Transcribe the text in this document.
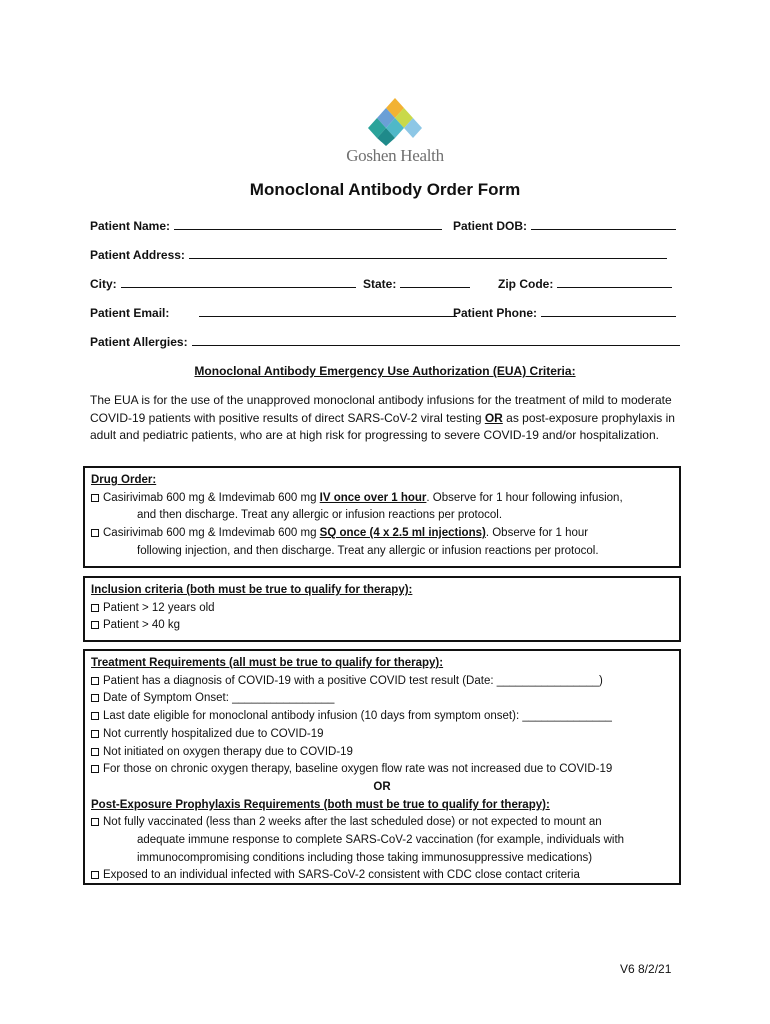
Goshen Health
Monoclonal Antibody Order Form
Patient Name:	Patient DOB:
Patient Address:
City:	State:	Zip Code:
Patient Email:	Patient Phone:
Patient Allergies:
Monoclonal Antibody Emergency Use Authorization (EUA) Criteria:
The EUA is for the use of the unapproved monoclonal antibody infusions for the treatment of mild to moderate COVID-19 patients with positive results of direct SARS-CoV-2 viral testing OR as post-exposure prophylaxis in adult and pediatric patients, who are at high risk for progressing to severe COVID-19 and/or hospitalization.
Drug Order:
Casirivimab 600 mg & Imdevimab 600 mg IV once over 1 hour. Observe for 1 hour following infusion,
and then discharge. Treat any allergic or infusion reactions per protocol.
Casirivimab 600 mg & Imdevimab 600 mg SQ once (4 x 2.5 ml injections). Observe for 1 hour
following injection, and then discharge. Treat any allergic or infusion reactions per protocol.
Inclusion criteria (both must be true to qualify for therapy):
Patient > 12 years old
Patient > 40 kg
Treatment Requirements (all must be true to qualify for therapy):
Patient has a diagnosis of COVID-19 with a positive COVID test result (Date: ________________)
Date of Symptom Onset: ________________
Last date eligible for monoclonal antibody infusion (10 days from symptom onset): ______________
Not currently hospitalized due to COVID-19
Not initiated on oxygen therapy due to COVID-19
For those on chronic oxygen therapy, baseline oxygen flow rate was not increased due to COVID-19
OR
Post-Exposure Prophylaxis Requirements (both must be true to qualify for therapy):
Not fully vaccinated (less than 2 weeks after the last scheduled dose) or not expected to mount an
adequate immune response to complete SARS-CoV-2 vaccination (for example, individuals with
immunocompromising conditions including those taking immunosuppressive medications)
Exposed to an individual infected with SARS-CoV-2 consistent with CDC close contact criteria
V6 8/2/21
